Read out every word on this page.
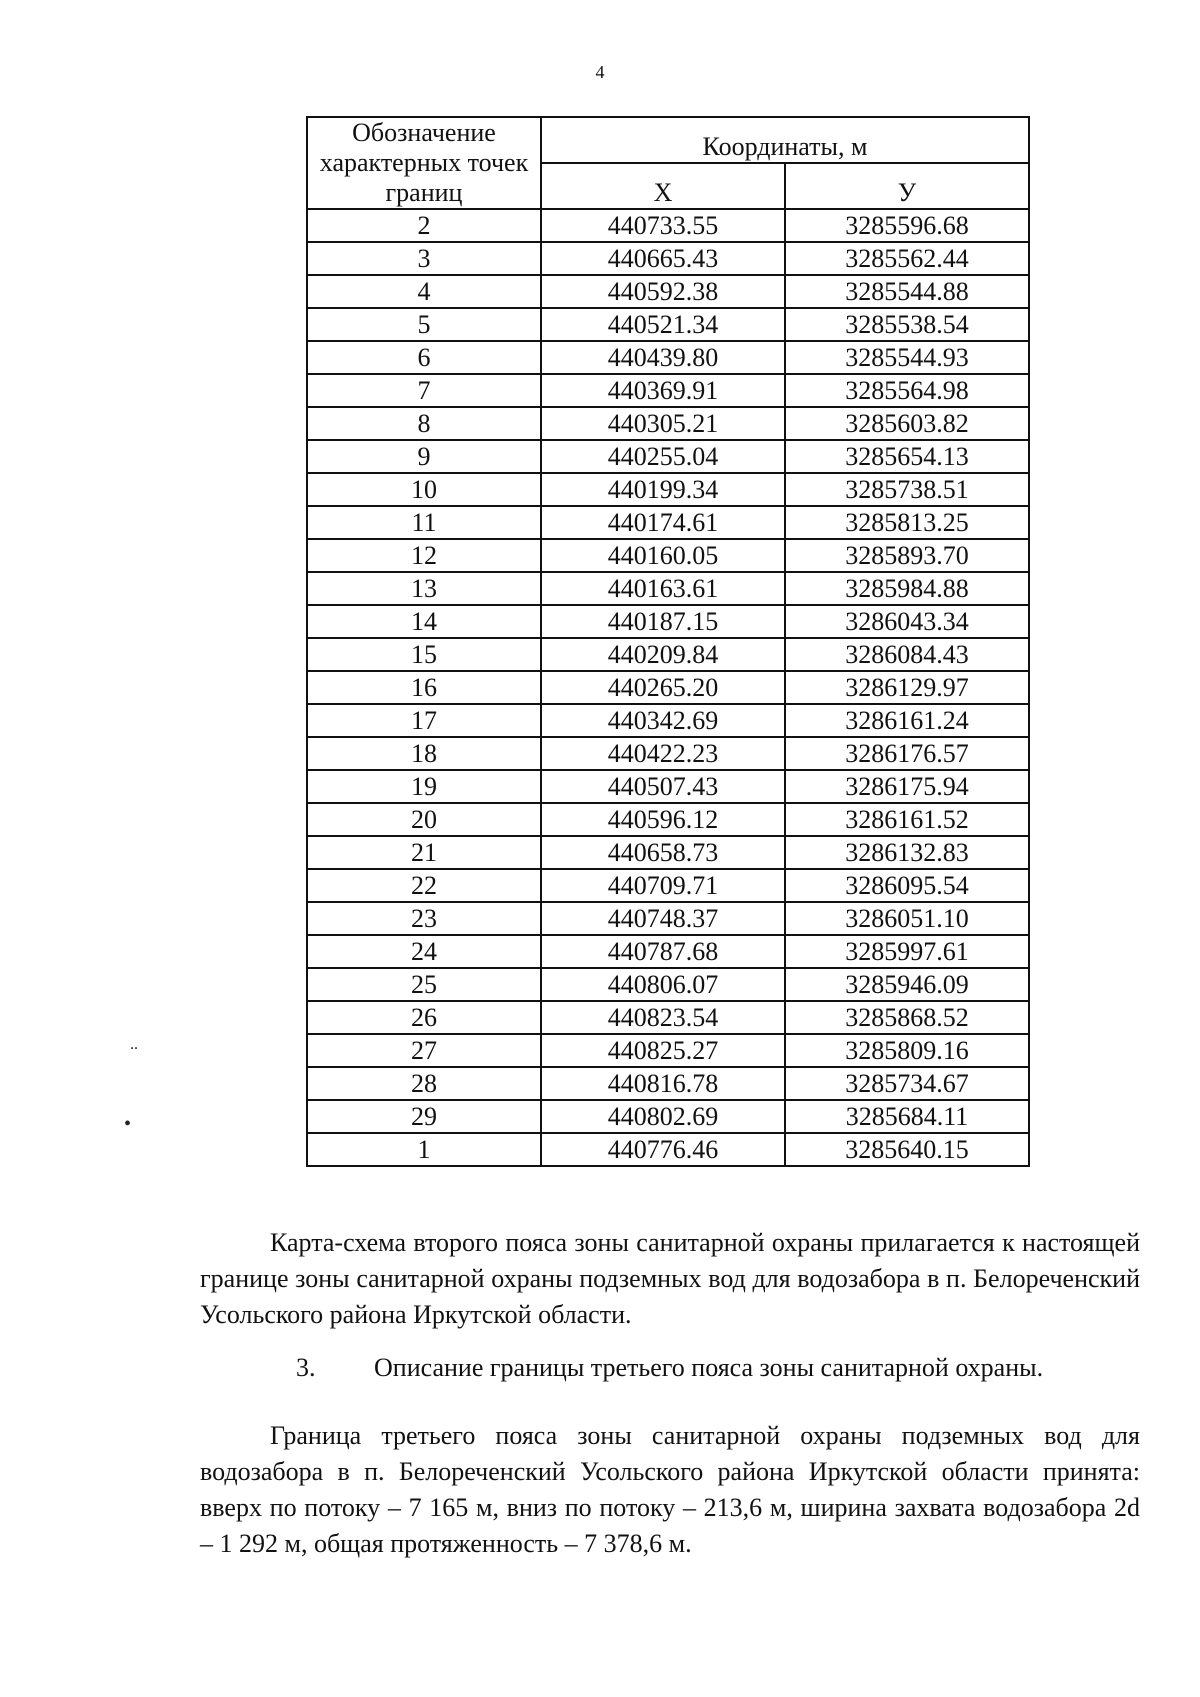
4
Обозначение характерных точек границ	Координаты, м	
	Х	У
2	440733.55	3285596.68
3	440665.43	3285562.44
4	440592.38	3285544.88
5	440521.34	3285538.54
6	440439.80	3285544.93
7	440369.91	3285564.98
8	440305.21	3285603.82
9	440255.04	3285654.13
10	440199.34	3285738.51
11	440174.61	3285813.25
12	440160.05	3285893.70
13	440163.61	3285984.88
14	440187.15	3286043.34
15	440209.84	3286084.43
16	440265.20	3286129.97
17	440342.69	3286161.24
18	440422.23	3286176.57
19	440507.43	3286175.94
20	440596.12	3286161.52
21	440658.73	3286132.83
22	440709.71	3286095.54
23	440748.37	3286051.10
24	440787.68	3285997.61
25	440806.07	3285946.09
26	440823.54	3285868.52
27	440825.27	3285809.16
28	440816.78	3285734.67
29	440802.69	3285684.11
1	440776.46	3285640.15
Карта-схема второго пояса зоны санитарной охраны прилагается к настоящей границе зоны санитарной охраны подземных вод для водозабора в п. Белореченский Усольского района Иркутской области.
3. Описание границы третьего пояса зоны санитарной охраны.
Граница третьего пояса зоны санитарной охраны подземных вод для водозабора в п. Белореченский Усольского района Иркутской области принята: вверх по потоку – 7 165 м, вниз по потоку – 213,6 м, ширина захвата водозабора 2d – 1 292 м, общая протяженность – 7 378,6 м.
..
•
